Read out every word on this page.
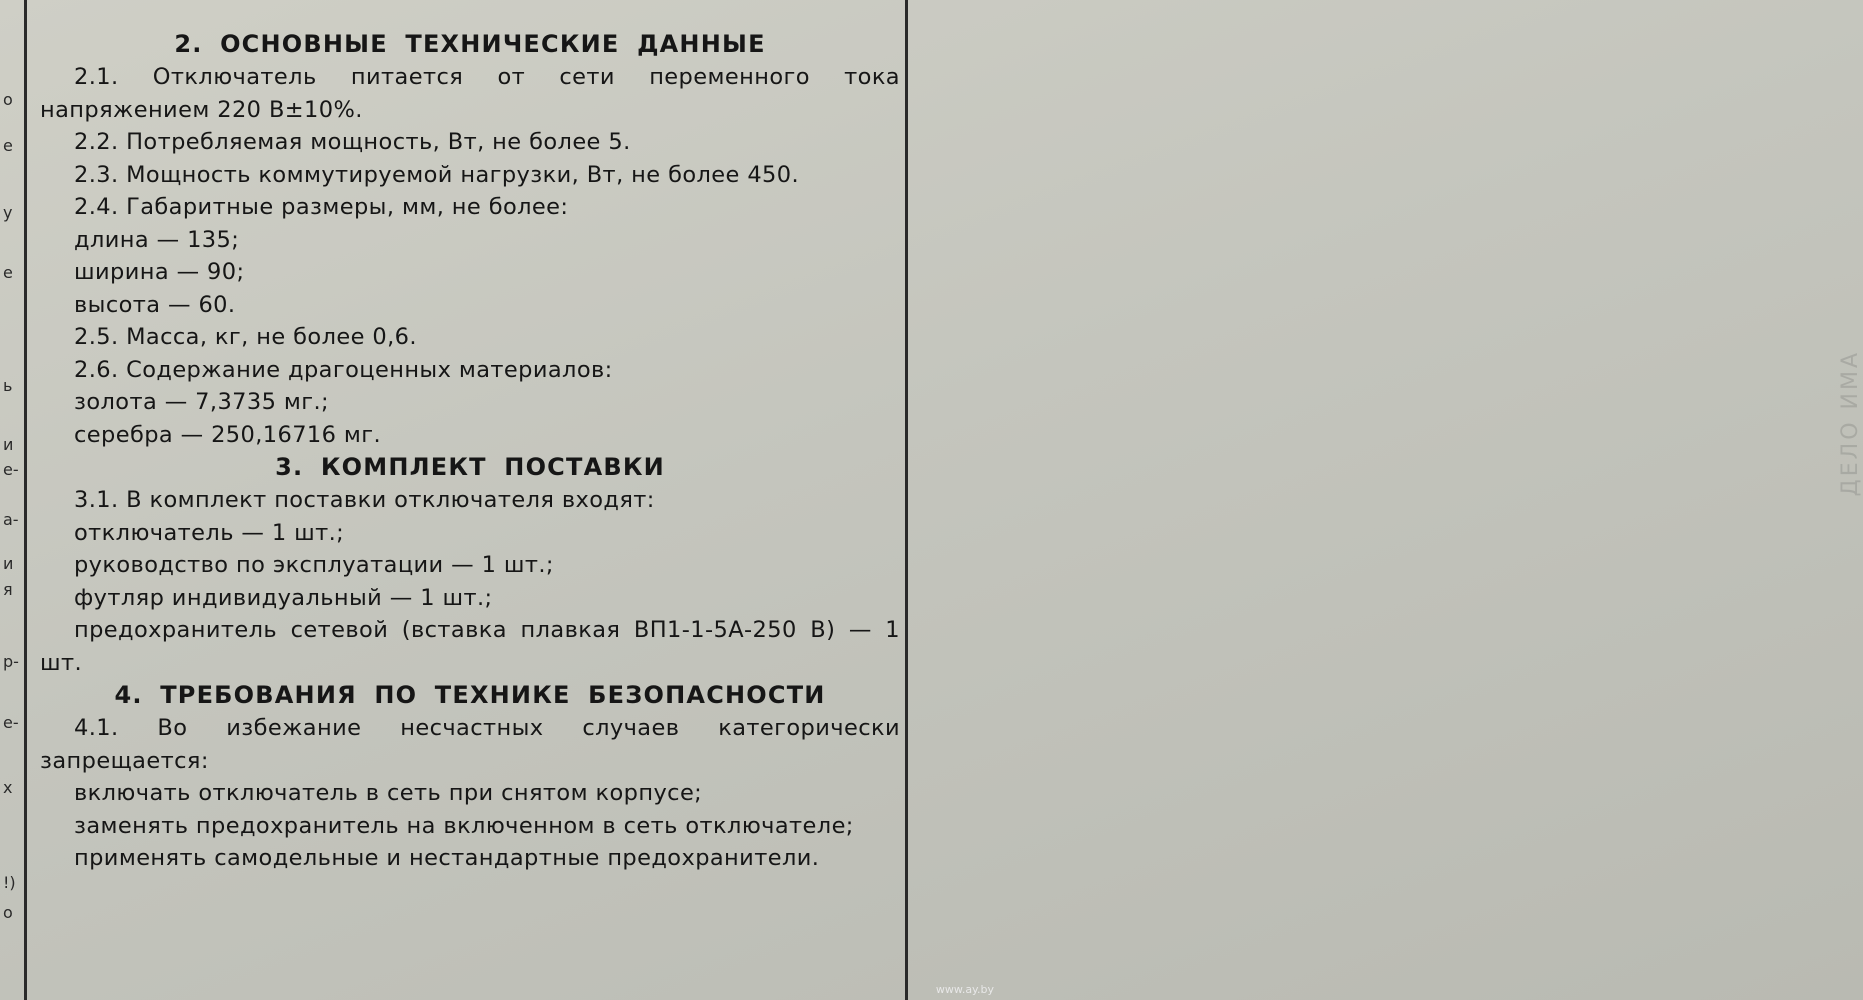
о
е
у
е
ь
и
е-
а-
и
я
р-
е-
х
!)
о
ДЕЛО ИМА
2. ОСНОВНЫЕ ТЕХНИЧЕСКИЕ ДАННЫЕ

2.1. Отключатель питается от сети переменного тока напряжением 220 В±10%.

2.2. Потребляемая мощность, Вт, не более 5.

2.3. Мощность коммутируемой нагрузки, Вт, не более 450.

2.4. Габаритные размеры, мм, не более:

длина — 135;

ширина — 90;

высота — 60.

2.5. Масса, кг, не более 0,6.

2.6. Содержание драгоценных материалов:

золота — 7,3735 мг.;

серебра — 250,16716 мг.

3. КОМПЛЕКТ ПОСТАВКИ

3.1. В комплект поставки отключателя входят:

отключатель — 1 шт.;

руководство по эксплуатации — 1 шт.;

футляр индивидуальный — 1 шт.;

предохранитель сетевой (вставка плавкая ВП1-1-5А-250 В) — 1 шт.

4. ТРЕБОВАНИЯ ПО ТЕХНИКЕ БЕЗОПАСНОСТИ

4.1. Во избежание несчастных случаев категорически запрещается:

включать отключатель в сеть при снятом корпусе;

заменять предохранитель на включенном в сеть отключателе;

применять самодельные и нестандартные предохранители.

www.ay.by
